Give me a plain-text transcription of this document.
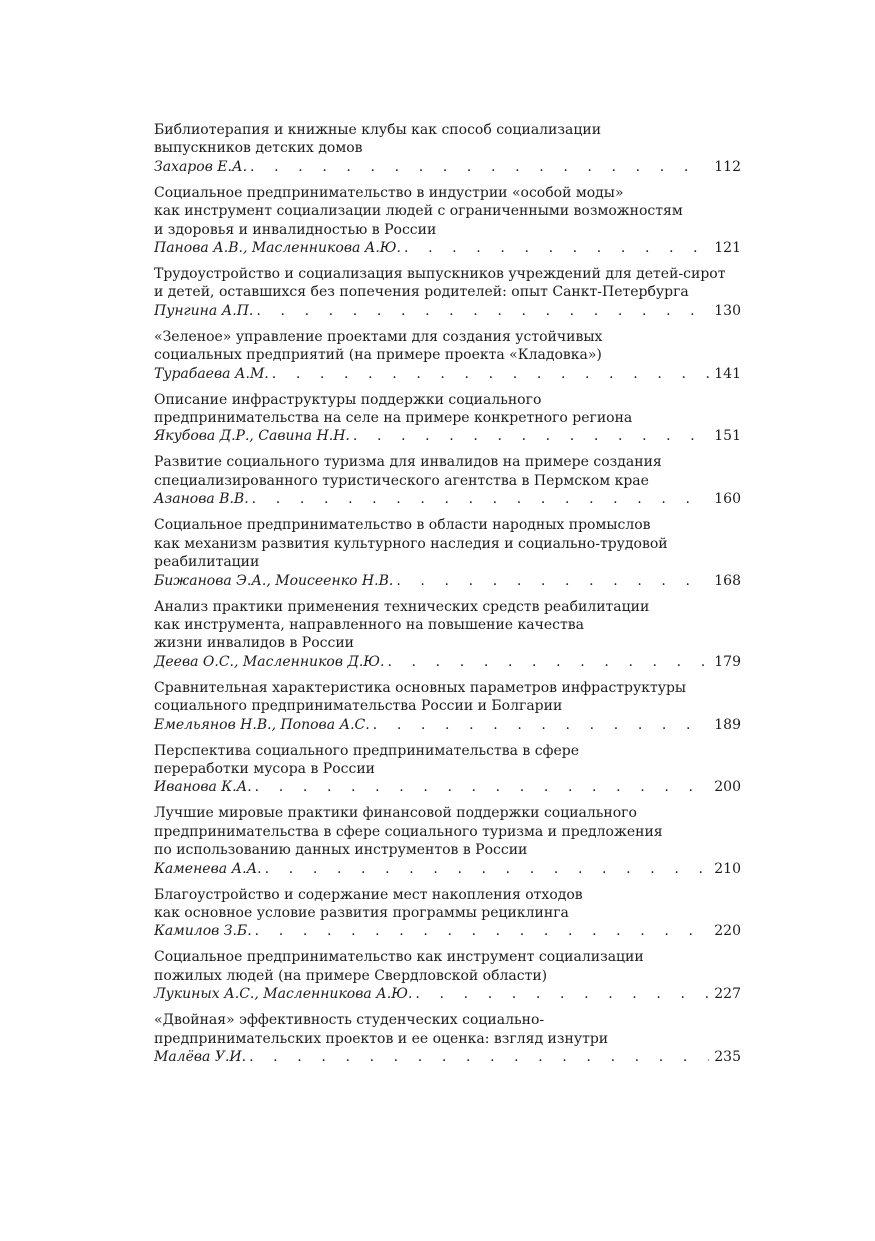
Библиотерапия и книжные клубы как способ социализации
выпускников детских домов
Захаров Е.А. . . .	112
Социальное предпринимательство в индустрии «особой моды»
как инструмент социализации людей с ограниченными возможностям
и здоровья и инвалидностью в России
Панова А.В., Масленникова А.Ю. . . .	121
Трудоустройство и социализация выпускников учреждений для детей-сирот
и детей, оставшихся без попечения родителей: опыт Санкт-Петербурга
Пунгина А.П. . . .	130
«Зеленое» управление проектами для создания устойчивых
социальных предприятий (на примере проекта «Кладовка»)
Турабаева А.М. . . .	141
Описание инфраструктуры поддержки социального
предпринимательства на селе на примере конкретного региона
Якубова Д.Р., Савина Н.Н. . . .	151
Развитие социального туризма для инвалидов на примере создания
специализированного туристического агентства в Пермском крае
Азанова В.В. . . .	160
Социальное предпринимательство в области народных промыслов
как механизм развития культурного наследия и социально-трудовой
реабилитации
Бижанова Э.А., Моисеенко Н.В. . . .	168
Анализ практики применения технических средств реабилитации
как инструмента, направленного на повышение качества
жизни инвалидов в России
Деева О.С., Масленников Д.Ю. . . .	179
Сравнительная характеристика основных параметров инфраструктуры
социального предпринимательства России и Болгарии
Емельянов Н.В., Попова А.С. . . .	189
Перспектива социального предпринимательства в сфере
переработки мусора в России
Иванова К.А. . . .	200
Лучшие мировые практики финансовой поддержки социального
предпринимательства в сфере социального туризма и предложения
по использованию данных инструментов в России
Каменева А.А. . . .	210
Благоустройство и содержание мест накопления отходов
как основное условие развития программы рециклинга
Камилов З.Б. . . .	220
Социальное предпринимательство как инструмент социализации
пожилых людей (на примере Свердловской области)
Лукиных А.С., Масленникова А.Ю. . . .	227
«Двойная» эффективность студенческих социально-
предпринимательских проектов и ее оценка: взгляд изнутри
Малёва У.И. . . .	235
